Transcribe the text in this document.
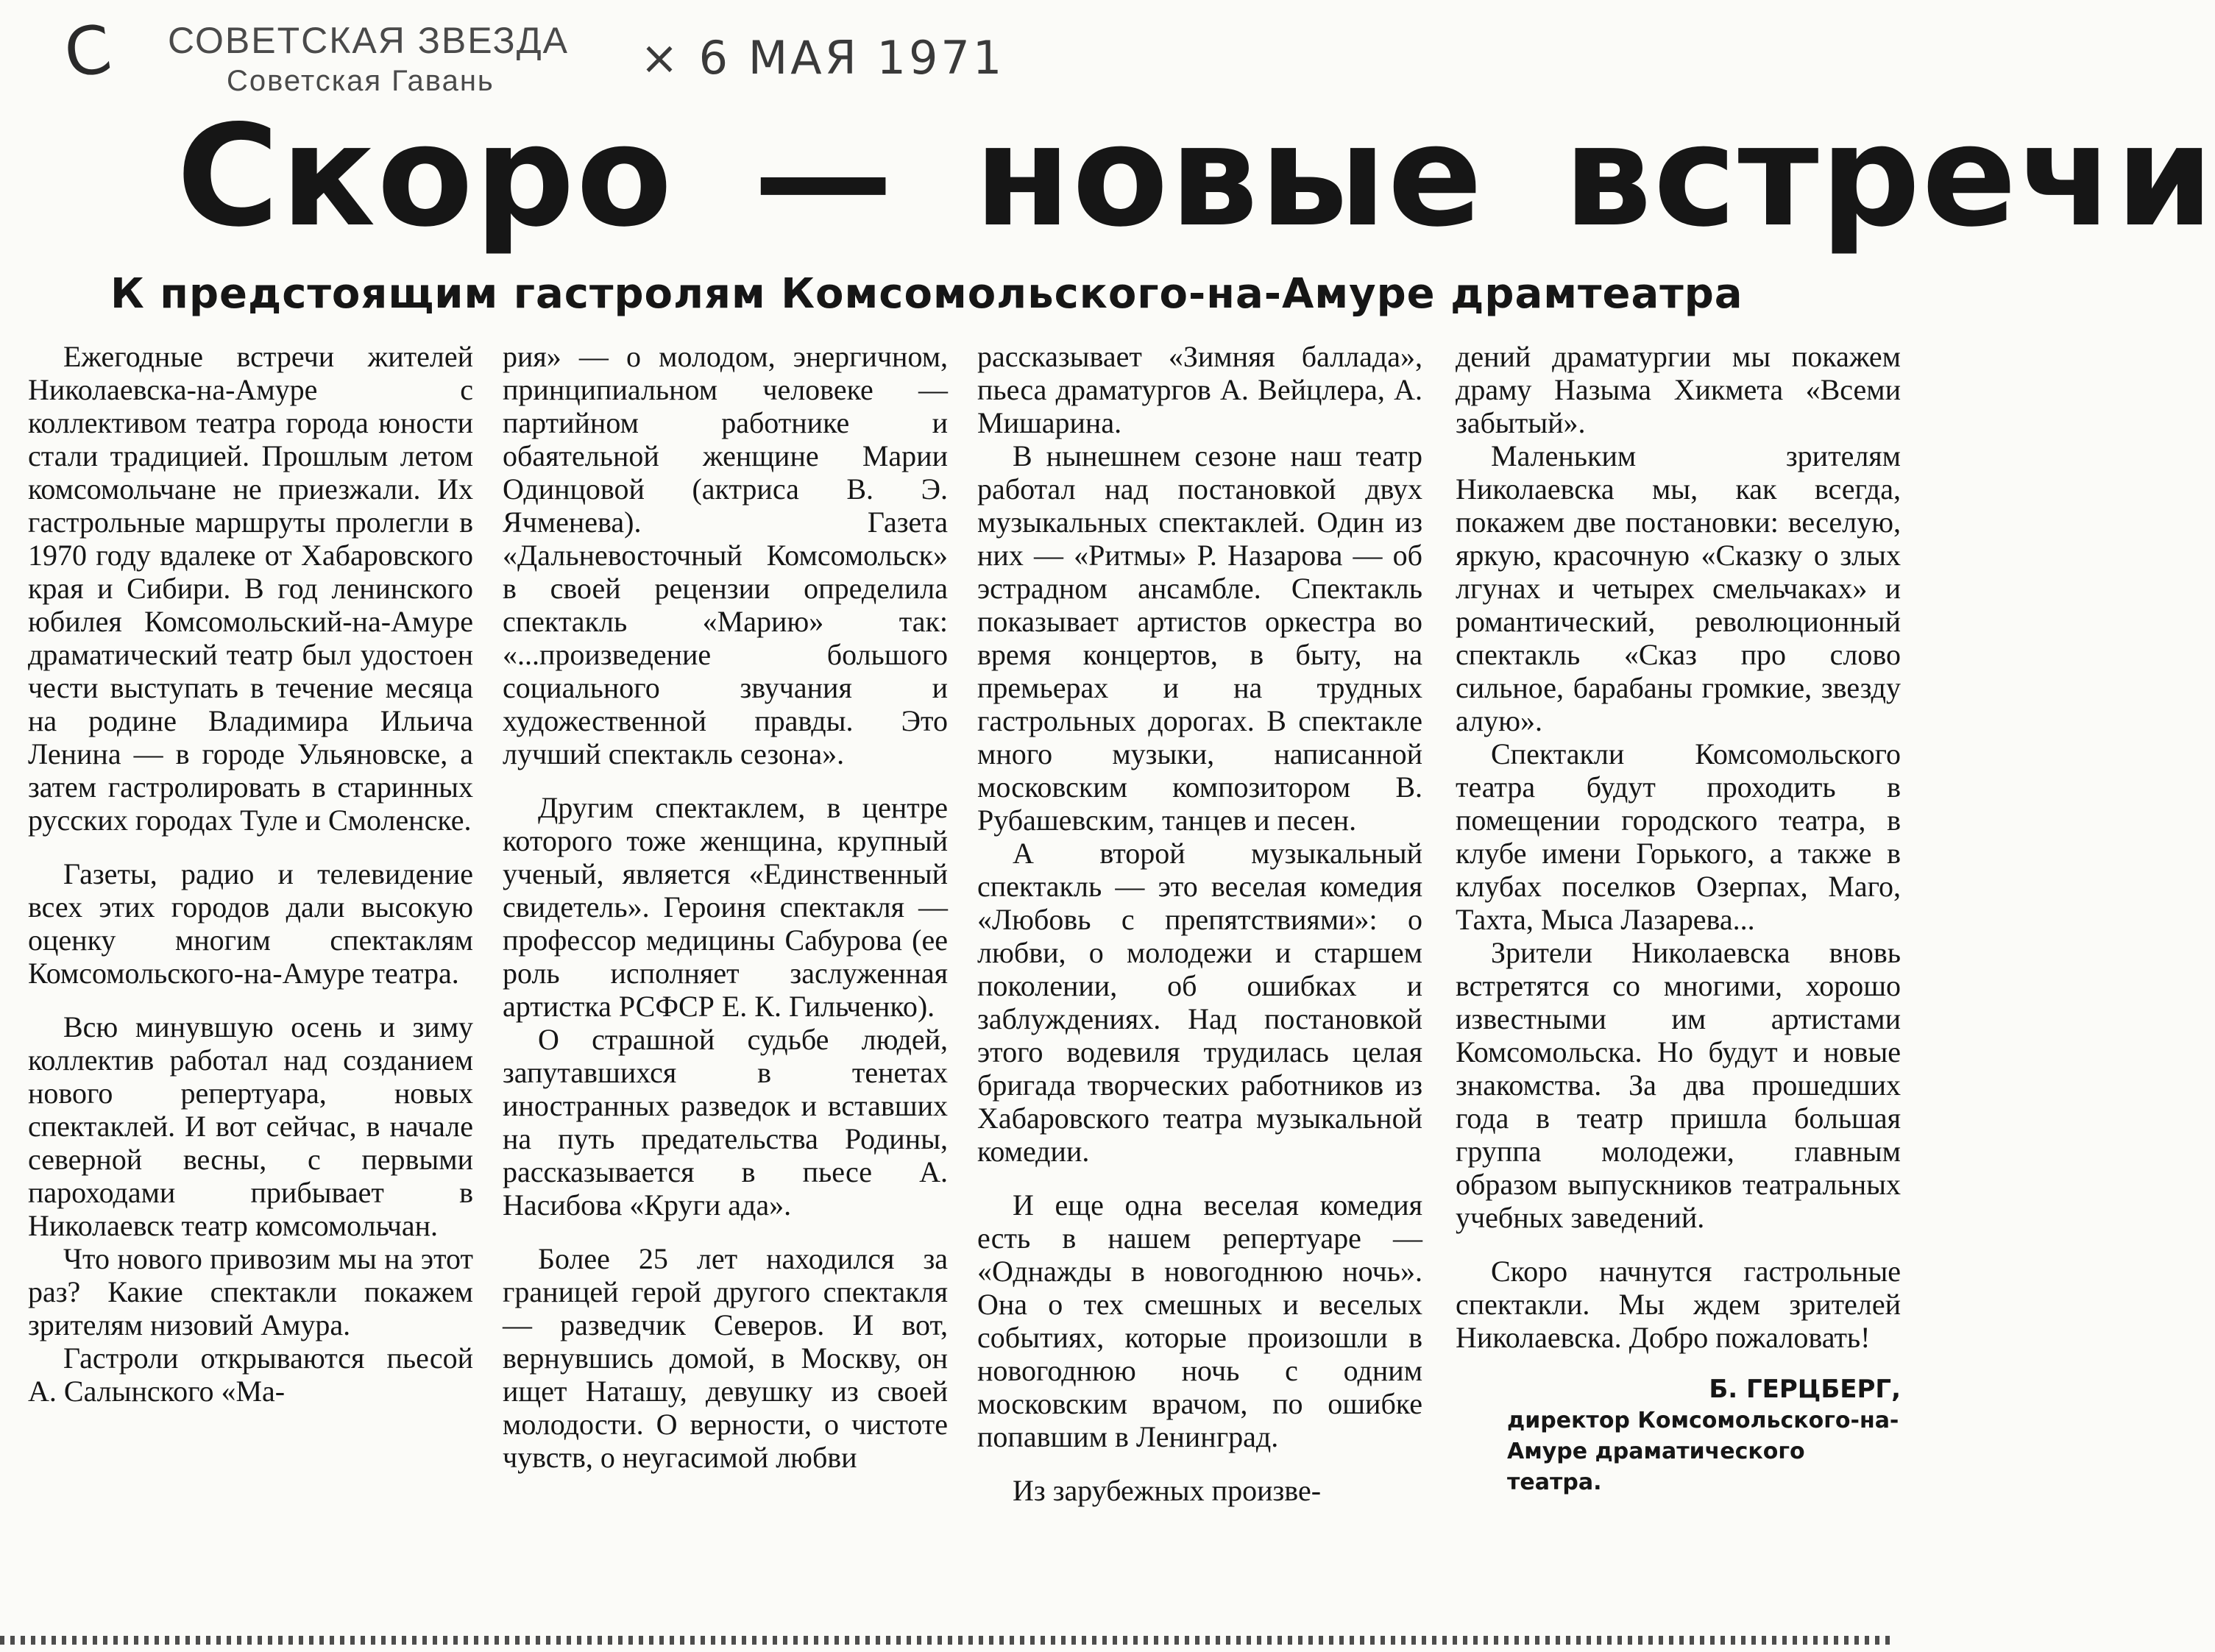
С СОВЕТСКАЯ ЗВЕЗДА
Советская Гавань	× 6 МАЯ 1971
Скоро — новые встречи
К предстоящим гастролям Комсомольского-на-Амуре драмтеатра

Ежегодные встречи жителей Николаевска-на-Амуре с коллективом театра города юности стали традицией. Прошлым летом комсомольчане не приезжали. Их гастрольные маршруты пролегли в 1970 году вдалеке от Хабаровского края и Сибири. В год ленинского юбилея Комсомольский-на-Амуре драматический театр был удостоен чести выступать в течение месяца на родине Владимира Ильича Ленина — в городе Ульяновске, а затем гастролировать в старинных русских городах Туле и Смоленске.

Газеты, радио и телевидение всех этих городов дали высокую оценку многим спектаклям Комсомольского-на-Амуре театра.

Всю минувшую осень и зиму коллектив работал над созданием нового репертуара, новых спектаклей. И вот сейчас, в начале северной весны, с первыми пароходами прибывает в Николаевск театр комсомольчан.

Что нового привозим мы на этот раз? Какие спектакли покажем зрителям низовий Амура.

Гастроли открываются пьесой А. Салынского «Ма-

рия» — о молодом, энергичном, принципиальном человеке — партийном работнике и обаятельной женщине Марии Одинцовой (актриса В. Э. Ячменева). Газета «Дальневосточный Комсомольск» в своей рецензии определила спектакль «Марию» так: «...произведение большого социального звучания и художественной правды. Это лучший спектакль сезона».

Другим спектаклем, в центре которого тоже женщина, крупный ученый, является «Единственный свидетель». Героиня спектакля — профессор медицины Сабурова (ее роль исполняет заслуженная артистка РСФСР Е. К. Гильченко).

О страшной судьбе людей, запутавшихся в тенетах иностранных разведок и вставших на путь предательства Родины, рассказывается в пьесе А. Насибова «Круги ада».

Более 25 лет находился за границей герой другого спектакля — разведчик Северов. И вот, вернувшись домой, в Москву, он ищет Наташу, девушку из своей молодости. О верности, о чистоте чувств, о неугасимой любви

рассказывает «Зимняя баллада», пьеса драматургов А. Вейцлера, А. Мишарина.

В нынешнем сезоне наш театр работал над постановкой двух музыкальных спектаклей. Один из них — «Ритмы» Р. Назарова — об эстрадном ансамбле. Спектакль показывает артистов оркестра во время концертов, в быту, на премьерах и на трудных гастрольных дорогах. В спектакле много музыки, написанной московским композитором В. Рубашевским, танцев и песен.

А второй музыкальный спектакль — это веселая комедия «Любовь с препятствиями»: о любви, о молодежи и старшем поколении, об ошибках и заблуждениях. Над постановкой этого водевиля трудилась целая бригада творческих работников из Хабаровского театра музыкальной комедии.

И еще одна веселая комедия есть в нашем репертуаре — «Однажды в новогоднюю ночь». Она о тех смешных и веселых событиях, которые произошли в новогоднюю ночь с одним московским врачом, по ошибке попавшим в Ленинград.

Из зарубежных произве-

дений драматургии мы покажем драму Назыма Хикмета «Всеми забытый».

Маленьким зрителям Николаевска мы, как всегда, покажем две постановки: веселую, яркую, красочную «Сказку о злых лгунах и четырех смельчаках» и романтический, революционный спектакль «Сказ про слово сильное, барабаны громкие, звезду алую».

Спектакли Комсомольского театра будут проходить в помещении городского театра, в клубе имени Горького, а также в клубах поселков Озерпах, Маго, Тахта, Мыса Лазарева...

Зрители Николаевска вновь встретятся со многими, хорошо известными им артистами Комсомольска. Но будут и новые знакомства. За два прошедших года в театр пришла большая группа молодежи, главным образом выпускников театральных учебных заведений.

Скоро начнутся гастрольные спектакли. Мы ждем зрителей Николаевска. Добро пожаловать!

Б. ГЕРЦБЕРГ,
директор Комсомольского-на-Амуре драматического театра.
